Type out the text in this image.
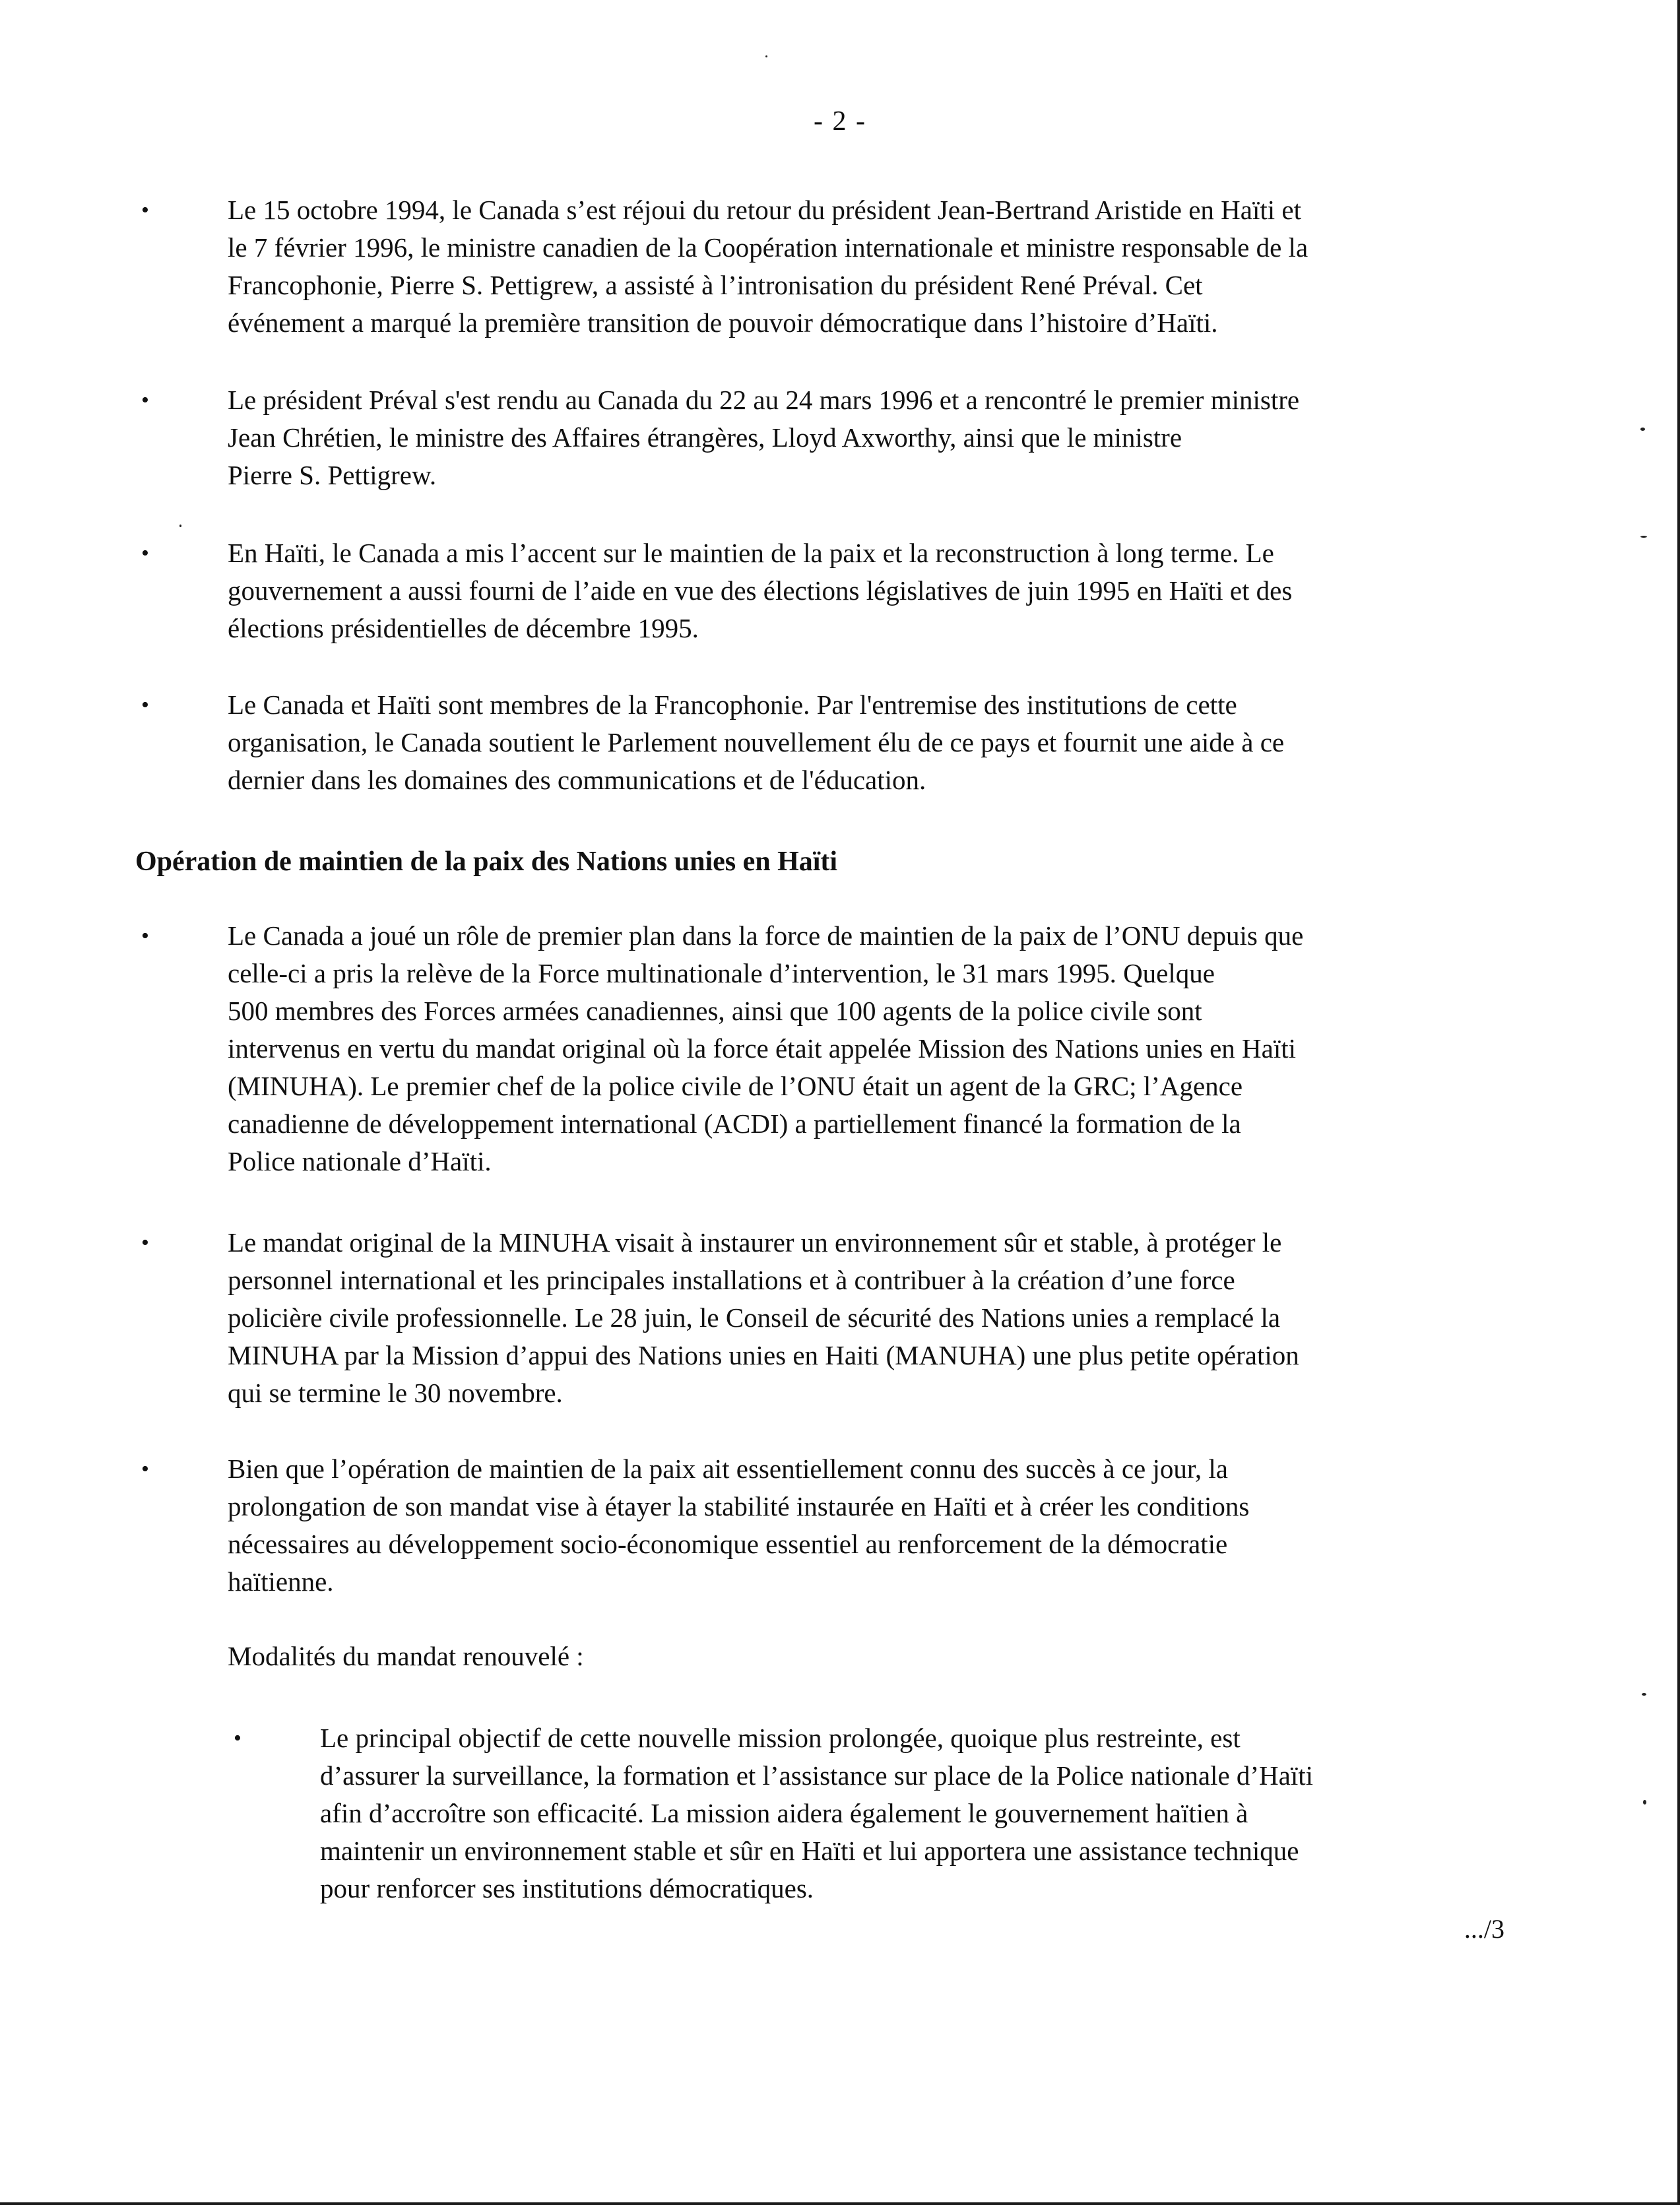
- 2 -
•	Le 15 octobre 1994, le Canada s’est réjoui du retour du président Jean-Bertrand Aristide en Haïti et
le 7 février 1996, le ministre canadien de la Coopération internationale et ministre responsable de la
Francophonie, Pierre S. Pettigrew, a assisté à l’intronisation du président René Préval. Cet
événement a marqué la première transition de pouvoir démocratique dans l’histoire d’Haïti.
•	Le président Préval s'est rendu au Canada du 22 au 24 mars 1996 et a rencontré le premier ministre
Jean Chrétien, le ministre des Affaires étrangères, Lloyd Axworthy, ainsi que le ministre
Pierre S. Pettigrew.
•	En Haïti, le Canada a mis l’accent sur le maintien de la paix et la reconstruction à long terme. Le
gouvernement a aussi fourni de l’aide en vue des élections législatives de juin 1995 en Haïti et des
élections présidentielles de décembre 1995.
•	Le Canada et Haïti sont membres de la Francophonie. Par l'entremise des institutions de cette
organisation, le Canada soutient le Parlement nouvellement élu de ce pays et fournit une aide à ce
dernier dans les domaines des communications et de l'éducation.
Opération de maintien de la paix des Nations unies en Haïti
•	Le Canada a joué un rôle de premier plan dans la force de maintien de la paix de l’ONU depuis que
celle-ci a pris la relève de la Force multinationale d’intervention, le 31 mars 1995. Quelque
500 membres des Forces armées canadiennes, ainsi que 100 agents de la police civile sont
intervenus en vertu du mandat original où la force était appelée Mission des Nations unies en Haïti
(MINUHA). Le premier chef de la police civile de l’ONU était un agent de la GRC; l’Agence
canadienne de développement international (ACDI) a partiellement financé la formation de la
Police nationale d’Haïti.
•	Le mandat original de la MINUHA visait à instaurer un environnement sûr et stable, à protéger le
personnel international et les principales installations et à contribuer à la création d’une force
policière civile professionnelle. Le 28 juin, le Conseil de sécurité des Nations unies a remplacé la
MINUHA par la Mission d’appui des Nations unies en Haiti (MANUHA) une plus petite opération
qui se termine le 30 novembre.
•	Bien que l’opération de maintien de la paix ait essentiellement connu des succès à ce jour, la
prolongation de son mandat vise à étayer la stabilité instaurée en Haïti et à créer les conditions
nécessaires au développement socio-économique essentiel au renforcement de la démocratie
haïtienne.
Modalités du mandat renouvelé :
•	Le principal objectif de cette nouvelle mission prolongée, quoique plus restreinte, est
d’assurer la surveillance, la formation et l’assistance sur place de la Police nationale d’Haïti
afin d’accroître son efficacité. La mission aidera également le gouvernement haïtien à
maintenir un environnement stable et sûr en Haïti et lui apportera une assistance technique
pour renforcer ses institutions démocratiques.
.../3
